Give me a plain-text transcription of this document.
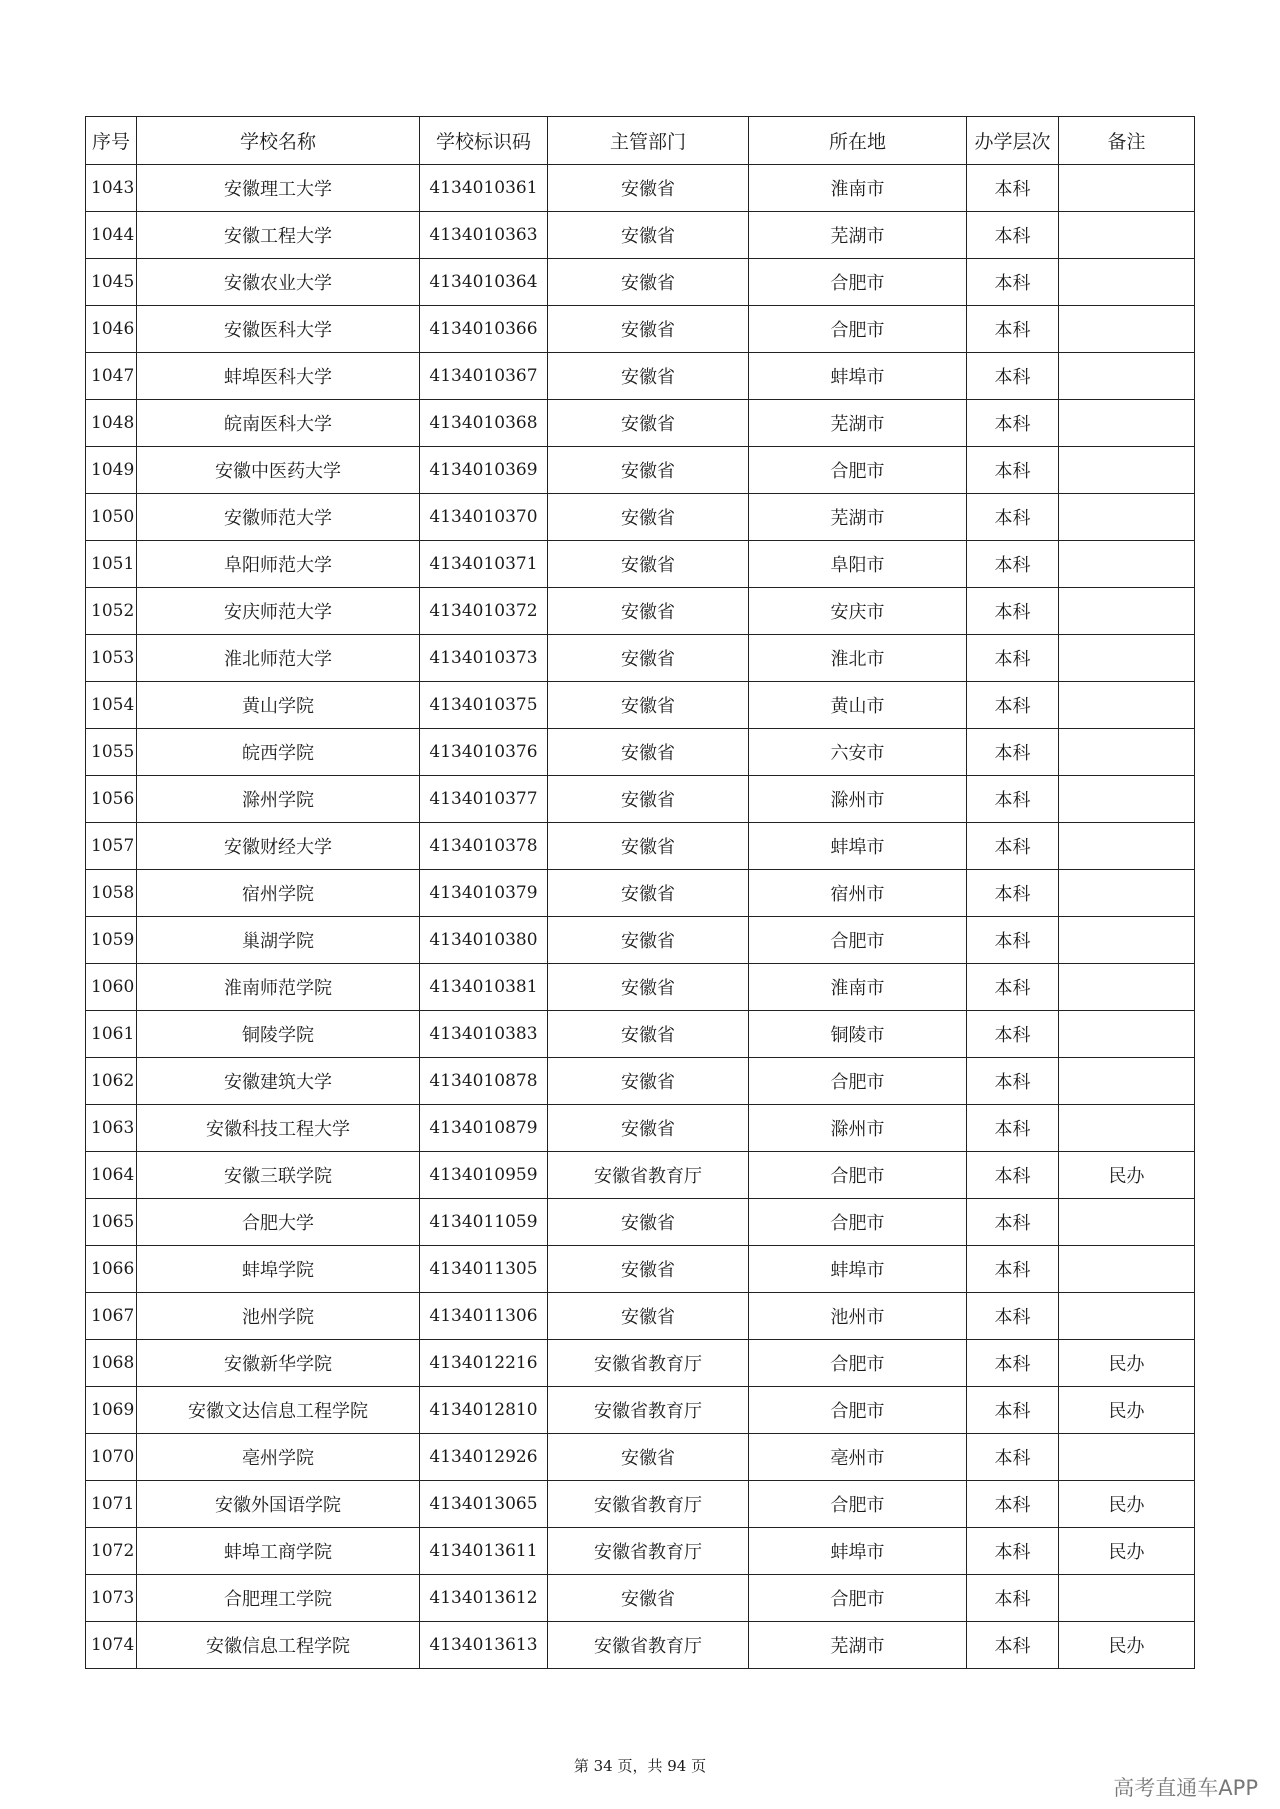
序号	学校名称	学校标识码	主管部门	所在地	办学层次	备注
1043	安徽理工大学	4134010361	安徽省	淮南市	本科	
1044	安徽工程大学	4134010363	安徽省	芜湖市	本科	
1045	安徽农业大学	4134010364	安徽省	合肥市	本科	
1046	安徽医科大学	4134010366	安徽省	合肥市	本科	
1047	蚌埠医科大学	4134010367	安徽省	蚌埠市	本科	
1048	皖南医科大学	4134010368	安徽省	芜湖市	本科	
1049	安徽中医药大学	4134010369	安徽省	合肥市	本科	
1050	安徽师范大学	4134010370	安徽省	芜湖市	本科	
1051	阜阳师范大学	4134010371	安徽省	阜阳市	本科	
1052	安庆师范大学	4134010372	安徽省	安庆市	本科	
1053	淮北师范大学	4134010373	安徽省	淮北市	本科	
1054	黄山学院	4134010375	安徽省	黄山市	本科	
1055	皖西学院	4134010376	安徽省	六安市	本科	
1056	滁州学院	4134010377	安徽省	滁州市	本科	
1057	安徽财经大学	4134010378	安徽省	蚌埠市	本科	
1058	宿州学院	4134010379	安徽省	宿州市	本科	
1059	巢湖学院	4134010380	安徽省	合肥市	本科	
1060	淮南师范学院	4134010381	安徽省	淮南市	本科	
1061	铜陵学院	4134010383	安徽省	铜陵市	本科	
1062	安徽建筑大学	4134010878	安徽省	合肥市	本科	
1063	安徽科技工程大学	4134010879	安徽省	滁州市	本科	
1064	安徽三联学院	4134010959	安徽省教育厅	合肥市	本科	民办
1065	合肥大学	4134011059	安徽省	合肥市	本科	
1066	蚌埠学院	4134011305	安徽省	蚌埠市	本科	
1067	池州学院	4134011306	安徽省	池州市	本科	
1068	安徽新华学院	4134012216	安徽省教育厅	合肥市	本科	民办
1069	安徽文达信息工程学院	4134012810	安徽省教育厅	合肥市	本科	民办
1070	亳州学院	4134012926	安徽省	亳州市	本科	
1071	安徽外国语学院	4134013065	安徽省教育厅	合肥市	本科	民办
1072	蚌埠工商学院	4134013611	安徽省教育厅	蚌埠市	本科	民办
1073	合肥理工学院	4134013612	安徽省	合肥市	本科	
1074	安徽信息工程学院	4134013613	安徽省教育厅	芜湖市	本科	民办
第 34 页，共 94 页
高考直通车APP
